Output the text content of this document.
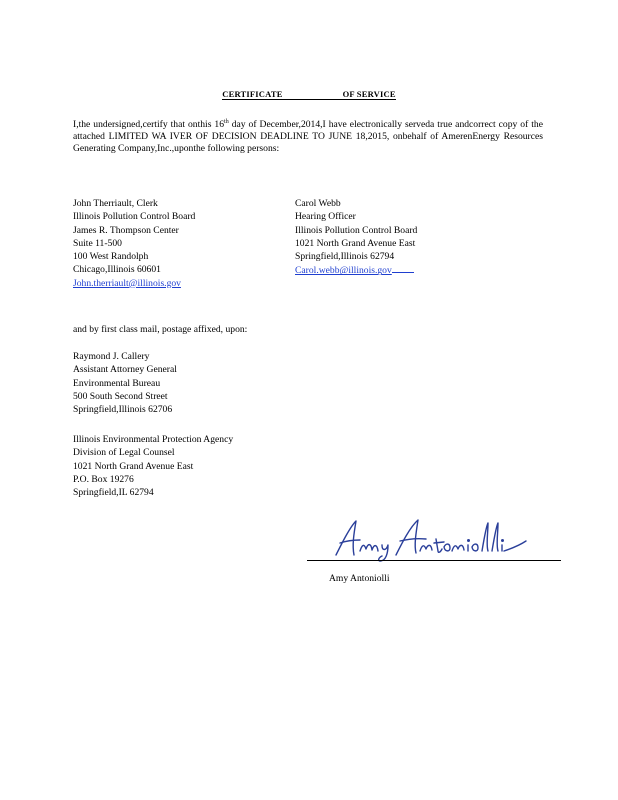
CERTIFICATE	OF SERVICE
I,the undersigned,certify that onthis 16th day of December,2014,I have electronically serveda true andcorrect copy of the attached LIMITED WA IVER OF DECISION DEADLINE TO JUNE 18,2015, onbehalf of AmerenEnergy Resources Generating Company,Inc.,uponthe following persons:
John Therriault, Clerk
Illinois Pollution Control Board
James R. Thompson Center
Suite 11-500
100 West Randolph
Chicago,Illinois 60601
John.therriault@illinois.gov
Carol Webb
Hearing Officer
Illinois Pollution Control Board
1021 North Grand Avenue East
Springfield,Illinois 62794
Carol.webb@illinois.gov
and by first class mail, postage affixed, upon:
Raymond J. Callery
Assistant Attorney General
Environmental Bureau
500 South Second Street
Springfield,Illinois 62706
Illinois Environmental Protection Agency
Division of Legal Counsel
1021 North Grand Avenue East
P.O. Box 19276
Springfield,IL 62794
Amy Antoniolli
